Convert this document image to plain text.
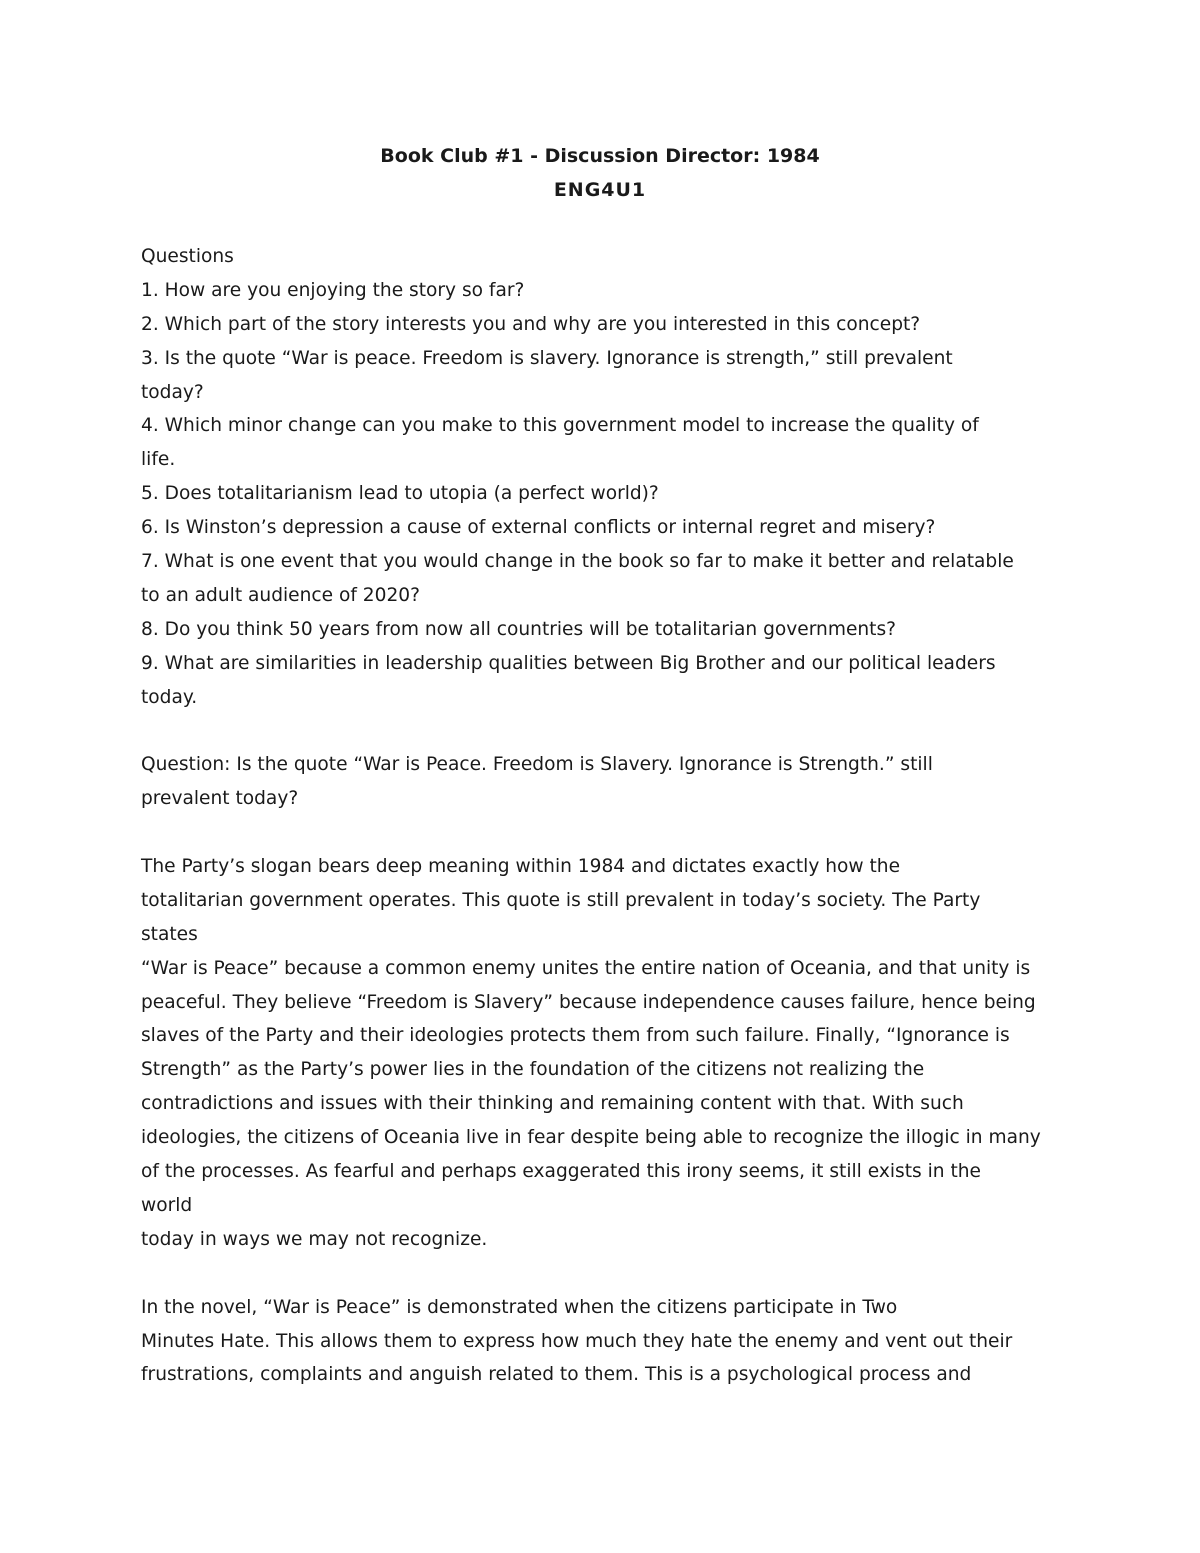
Book Club #1 - Discussion Director: 1984
ENG4U1
Questions
1. How are you enjoying the story so far?
2. Which part of the story interests you and why are you interested in this concept?
3. Is the quote “War is peace. Freedom is slavery. Ignorance is strength,” still prevalent
today?
4. Which minor change can you make to this government model to increase the quality of
life.
5. Does totalitarianism lead to utopia (a perfect world)?
6. Is Winston’s depression a cause of external conflicts or internal regret and misery?
7. What is one event that you would change in the book so far to make it better and relatable
to an adult audience of 2020?
8. Do you think 50 years from now all countries will be totalitarian governments?
9. What are similarities in leadership qualities between Big Brother and our political leaders
today.
Question: Is the quote “War is Peace. Freedom is Slavery. Ignorance is Strength.” still
prevalent today?
The Party’s slogan bears deep meaning within 1984 and dictates exactly how the
totalitarian government operates. This quote is still prevalent in today’s society. The Party
states
“War is Peace” because a common enemy unites the entire nation of Oceania, and that unity is
peaceful. They believe “Freedom is Slavery” because independence causes failure, hence being
slaves of the Party and their ideologies protects them from such failure. Finally, “Ignorance is
Strength” as the Party’s power lies in the foundation of the citizens not realizing the
contradictions and issues with their thinking and remaining content with that. With such
ideologies, the citizens of Oceania live in fear despite being able to recognize the illogic in many
of the processes. As fearful and perhaps exaggerated this irony seems, it still exists in the
world
today in ways we may not recognize.
In the novel, “War is Peace” is demonstrated when the citizens participate in Two
Minutes Hate. This allows them to express how much they hate the enemy and vent out their
frustrations, complaints and anguish related to them. This is a psychological process and
